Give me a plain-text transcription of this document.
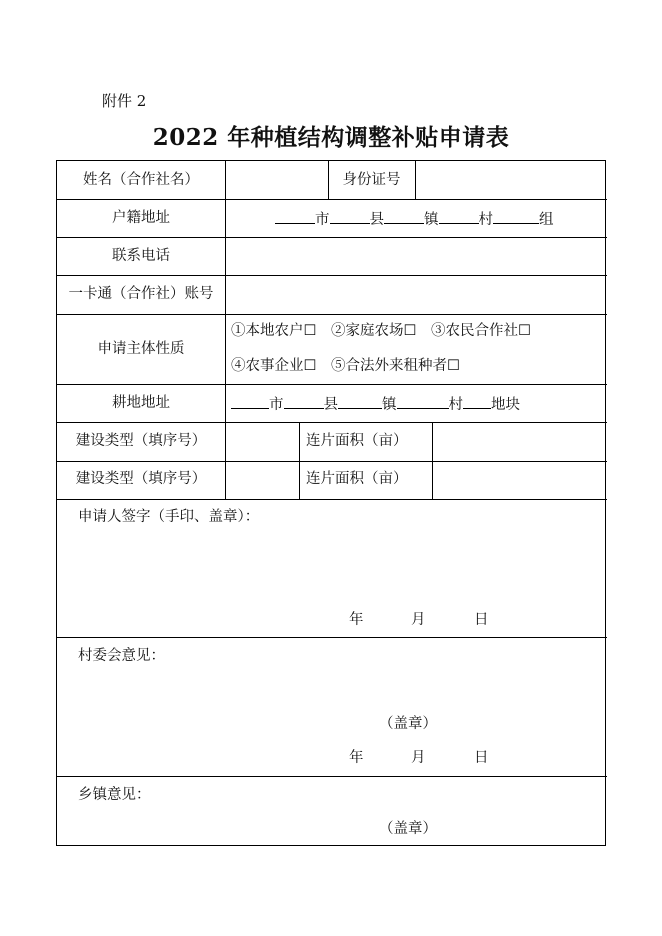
附件 2
2022 年种植结构调整补贴申请表
姓名（合作社名）	身份证号
户籍地址	市	县	镇	村	组
联系电话
一卡通（合作社）账号
申请主体性质
①本地农户☐　②家庭农场☐　③农民合作社☐
④农事企业☐　⑤合法外来租种者☐
耕地地址	市	县	镇	村 地块
建设类型（填序号）	连片面积（亩）
建设类型（填序号）	连片面积（亩）
申请人签字（手印、盖章）：
年	月	日
村委会意见：
（盖章）
年	月	日
乡镇意见：
（盖章）
